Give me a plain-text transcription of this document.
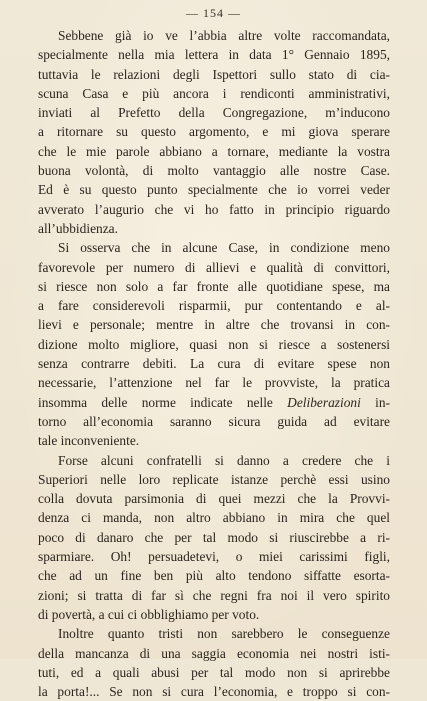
— 154 —

Sebbene già io ve l’abbia altre volte raccomandata,
specialmente nella mia lettera in data 1° Gennaio 1895,
tuttavia le relazioni degli Ispettori sullo stato di cia-
scuna Casa e più ancora i rendiconti amministrativi,
inviati al Prefetto della Congregazione, m’inducono
a ritornare su questo argomento, e mi giova sperare
che le mie parole abbiano a tornare, mediante la vostra
buona volontà, di molto vantaggio alle nostre Case.
Ed è su questo punto specialmente che io vorrei veder
avverato l’augurio che vi ho fatto in principio riguardo
all’ubbidienza.

Si osserva che in alcune Case, in condizione meno
favorevole per numero di allievi e qualità di convittori,
si riesce non solo a far fronte alle quotidiane spese, ma
a fare considerevoli risparmii, pur contentando e al-
lievi e personale; mentre in altre che trovansi in con-
dizione molto migliore, quasi non si riesce a sostenersi
senza contrarre debiti. La cura di evitare spese non
necessarie, l’attenzione nel far le provviste, la pratica
insomma delle norme indicate nelle Deliberazioni in-
torno all’economia saranno sicura guida ad evitare
tale inconveniente.

Forse alcuni confratelli si danno a credere che i
Superiori nelle loro replicate istanze perchè essi usino
colla dovuta parsimonia di quei mezzi che la Provvi-
denza ci manda, non altro abbiano in mira che quel
poco di danaro che per tal modo si riuscirebbe a ri-
sparmiare. Oh! persuadetevi, o miei carissimi figli,
che ad un fine ben più alto tendono siffatte esorta-
zioni; si tratta di far sì che regni fra noi il vero spirito
di povertà, a cui ci obblighiamo per voto.

Inoltre quanto tristi non sarebbero le conseguenze
della mancanza di una saggia economia nei nostri isti-
tuti, ed a quali abusi per tal modo non si aprirebbe
la porta!... Se non si cura l’economia, e troppo si con-
